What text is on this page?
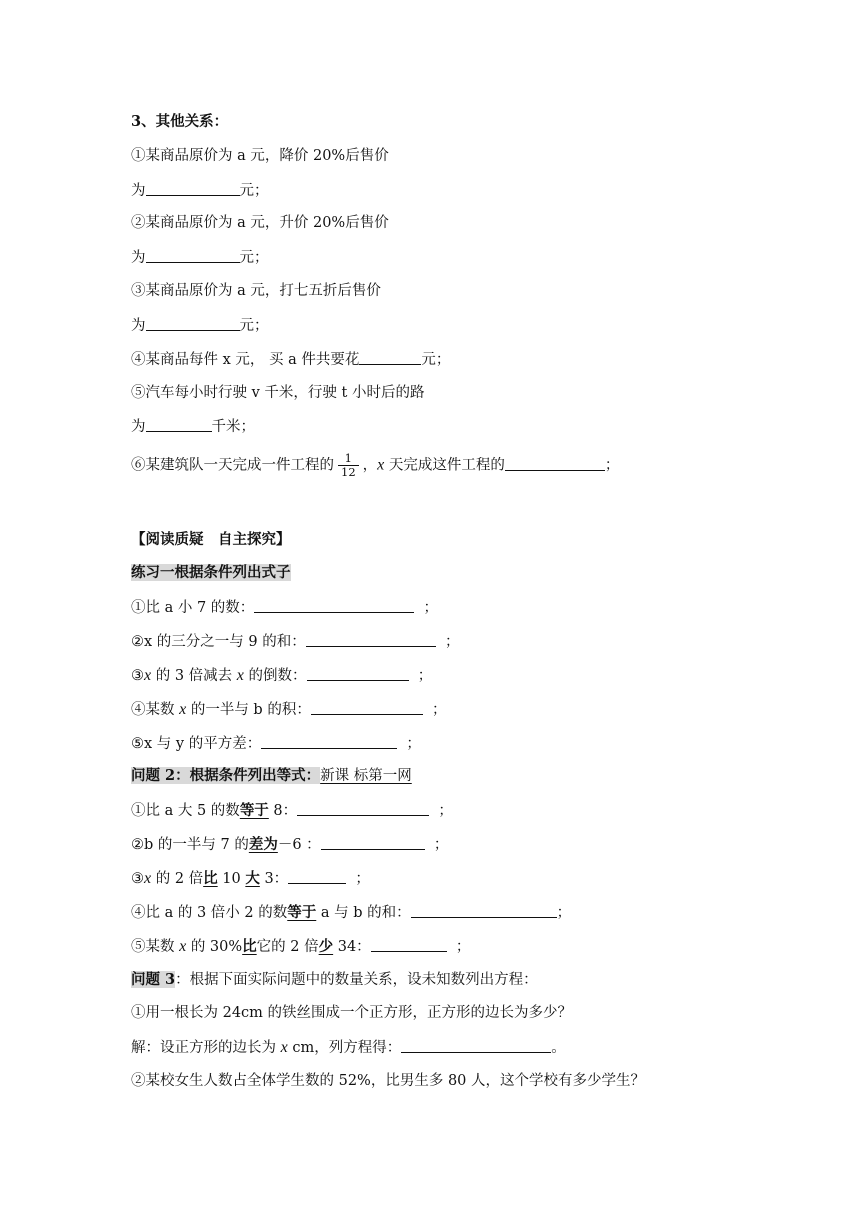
3、其他关系：
①某商品原价为 a 元，降价 20%后售价
为	元；
②某商品原价为 a 元，升价 20%后售价
为	元；
③某商品原价为 a 元，打七五折后售价
为	元；
④某商品每件 x 元， 买 a 件共要花	元；
⑤汽车每小时行驶 v 千米，行驶 t 小时后的路
为	千米；
⑥某建筑队一天完成一件工程的 $\frac{1}{12}$ ，x 天完成这件工程的	；
【阅读质疑　自主探究】
练习一根据条件列出式子
①比 a 小 7 的数：	；
②x 的三分之一与 9 的和：	；
③x 的 3 倍减去 x 的倒数：	；
④某数 x 的一半与 b 的积：	；
⑤x 与 y 的平方差：	；
问题 2：根据条件列出等式：新课 标第一网
①比 a 大 5 的数等于 8：	；
②b 的一半与 7 的差为－6 ：	；
③x 的 2 倍比 10 大 3：	；
④比 a 的 3 倍小 2 的数等于 a 与 b 的和：	；
⑤某数 x 的 30%比它的 2 倍少 34：	；
问题 3：根据下面实际问题中的数量关系，设未知数列出方程：
①用一根长为 24cm 的铁丝围成一个正方形，正方形的边长为多少？
解：设正方形的边长为 x cm，列方程得：	。
②某校女生人数占全体学生数的 52%，比男生多 80 人，这个学校有多少学生？
